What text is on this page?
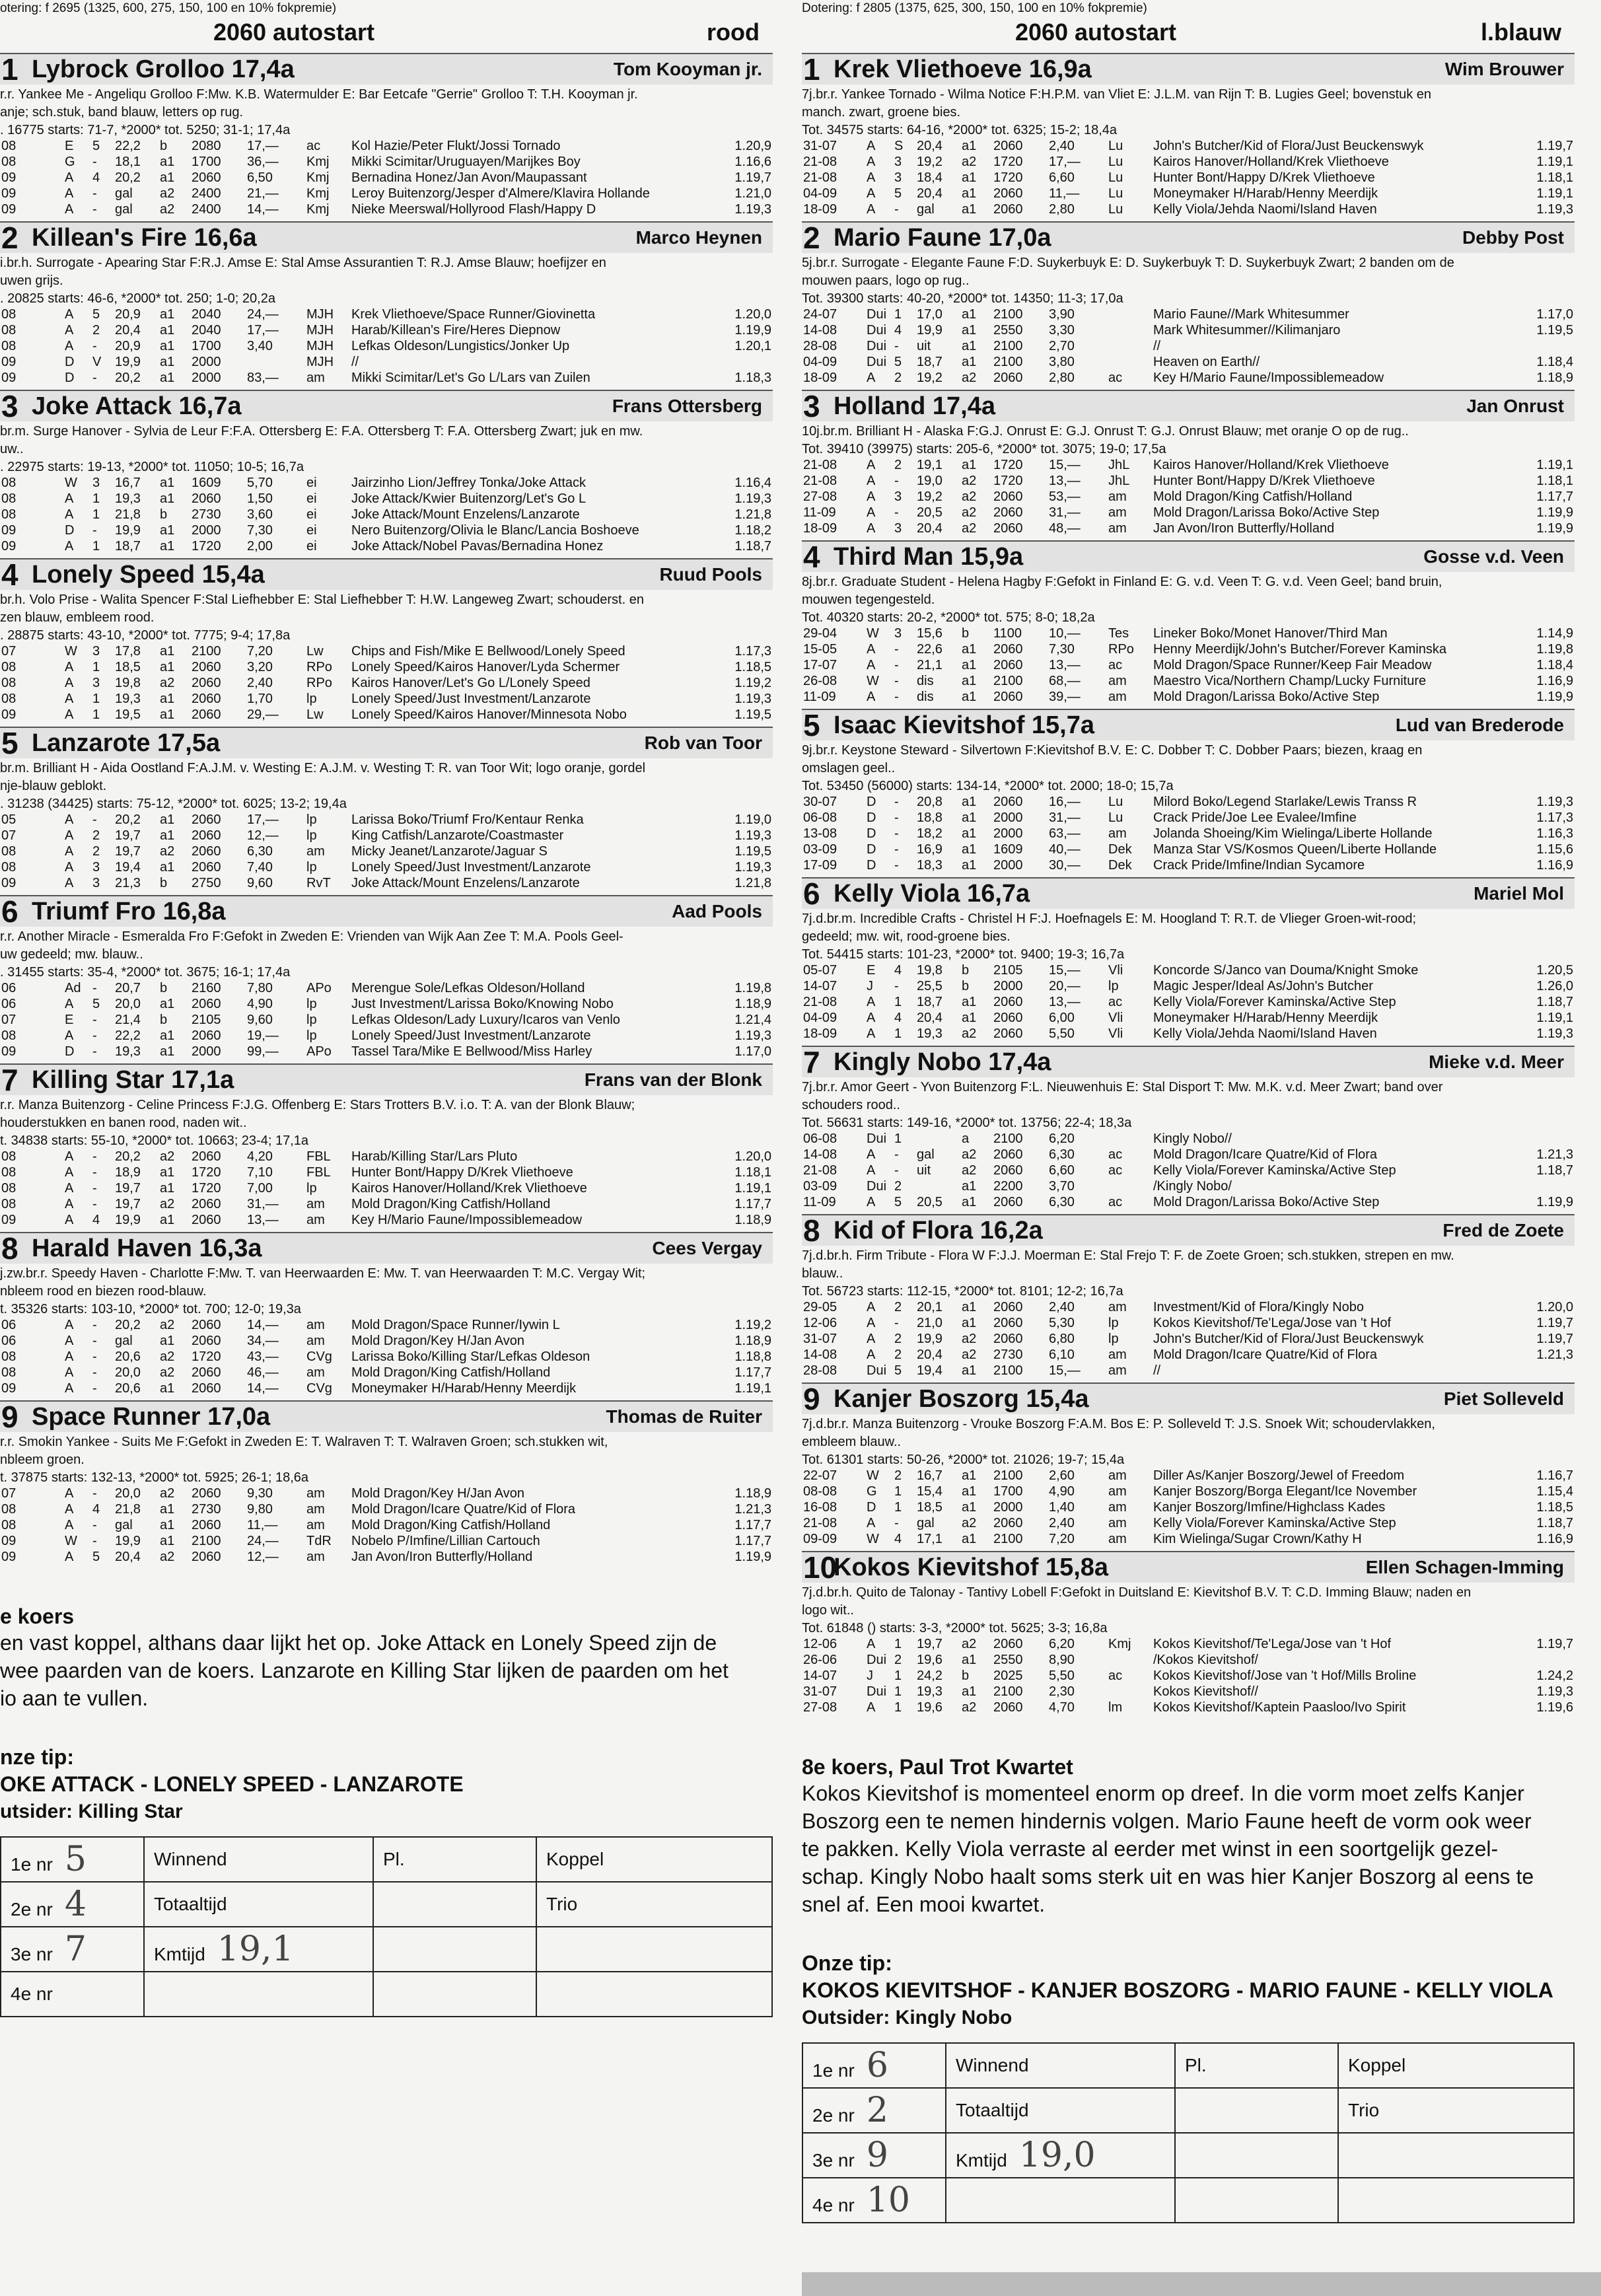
otering: f 2695 (1325, 600, 275, 150, 100 en 10% fokpremie)
2060 autostart	rood
1 Lybrock Grolloo 17,4a	Tom Kooyman jr.
r.r. Yankee Me - Angeliqu Grolloo F:Mw. K.B. Watermulder E: Bar Eetcafe "Gerrie" Grolloo T: T.H. Kooyman jr.
anje; sch.stuk, band blauw, letters op rug.
. 16775 starts: 71-7, *2000* tot. 5250; 31-1; 17,4a
08	E	5	22,2	b	2080	17,—	ac	Kol Hazie/Peter Flukt/Jossi Tornado	1.20,9
08	G	-	18,1	a1	1700	36,—	Kmj	Mikki Scimitar/Uruguayen/Marijkes Boy	1.16,6
09	A	4	20,2	a1	2060	6,50	Kmj	Bernadina Honez/Jan Avon/Maupassant	1.19,7
09	A	-	gal	a2	2400	21,—	Kmj	Leroy Buitenzorg/Jesper d'Almere/Klavira Hollande	1.21,0
09	A	-	gal	a2	2400	14,—	Kmj	Nieke Meerswal/Hollyrood Flash/Happy D	1.19,3
2 Killean's Fire 16,6a	Marco Heynen
i.br.h. Surrogate - Apearing Star F:R.J. Amse E: Stal Amse Assurantien T: R.J. Amse Blauw; hoefijzer en
uwen grijs.
. 20825 starts: 46-6, *2000* tot. 250; 1-0; 20,2a
08	A	5	20,9	a1	2040	24,—	MJH	Krek Vliethoeve/Space Runner/Giovinetta	1.20,0
08	A	2	20,4	a1	2040	17,—	MJH	Harab/Killean's Fire/Heres Diepnow	1.19,9
08	A	-	20,9	a1	1700	3,40	MJH	Lefkas Oldeson/Lungistics/Jonker Up	1.20,1
09	D	V	19,9	a1	2000		MJH	//	
09	D	-	20,2	a1	2000	83,—	am	Mikki Scimitar/Let's Go L/Lars van Zuilen	1.18,3
3 Joke Attack 16,7a	Frans Ottersberg
br.m. Surge Hanover - Sylvia de Leur F:F.A. Ottersberg E: F.A. Ottersberg T: F.A. Ottersberg Zwart; juk en mw.
uw..
. 22975 starts: 19-13, *2000* tot. 11050; 10-5; 16,7a
08	W	3	16,7	a1	1609	5,70	ei	Jairzinho Lion/Jeffrey Tonka/Joke Attack	1.16,4
08	A	1	19,3	a1	2060	1,50	ei	Joke Attack/Kwier Buitenzorg/Let's Go L	1.19,3
08	A	1	21,8	b	2730	3,60	ei	Joke Attack/Mount Enzelens/Lanzarote	1.21,8
09	D	-	19,9	a1	2000	7,30	ei	Nero Buitenzorg/Olivia le Blanc/Lancia Boshoeve	1.18,2
09	A	1	18,7	a1	1720	2,00	ei	Joke Attack/Nobel Pavas/Bernadina Honez	1.18,7
4 Lonely Speed 15,4a	Ruud Pools
br.h. Volo Prise - Walita Spencer F:Stal Liefhebber E: Stal Liefhebber T: H.W. Langeweg Zwart; schouderst. en
zen blauw, embleem rood.
. 28875 starts: 43-10, *2000* tot. 7775; 9-4; 17,8a
07	W	3	17,8	a1	2100	7,20	Lw	Chips and Fish/Mike E Bellwood/Lonely Speed	1.17,3
08	A	1	18,5	a1	2060	3,20	RPo	Lonely Speed/Kairos Hanover/Lyda Schermer	1.18,5
08	A	3	19,8	a2	2060	2,40	RPo	Kairos Hanover/Let's Go L/Lonely Speed	1.19,2
08	A	1	19,3	a1	2060	1,70	lp	Lonely Speed/Just Investment/Lanzarote	1.19,3
09	A	1	19,5	a1	2060	29,—	Lw	Lonely Speed/Kairos Hanover/Minnesota Nobo	1.19,5
5 Lanzarote 17,5a	Rob van Toor
br.m. Brilliant H - Aida Oostland F:A.J.M. v. Westing E: A.J.M. v. Westing T: R. van Toor Wit; logo oranje, gordel
nje-blauw geblokt.
. 31238 (34425) starts: 75-12, *2000* tot. 6025; 13-2; 19,4a
05	A	-	20,2	a1	2060	17,—	lp	Larissa Boko/Triumf Fro/Kentaur Renka	1.19,0
07	A	2	19,7	a1	2060	12,—	lp	King Catfish/Lanzarote/Coastmaster	1.19,3
08	A	2	19,7	a2	2060	6,30	am	Micky Jeanet/Lanzarote/Jaguar S	1.19,5
08	A	3	19,4	a1	2060	7,40	lp	Lonely Speed/Just Investment/Lanzarote	1.19,3
09	A	3	21,3	b	2750	9,60	RvT	Joke Attack/Mount Enzelens/Lanzarote	1.21,8
6 Triumf Fro 16,8a	Aad Pools
r.r. Another Miracle - Esmeralda Fro F:Gefokt in Zweden E: Vrienden van Wijk Aan Zee T: M.A. Pools Geel-
uw gedeeld; mw. blauw..
. 31455 starts: 35-4, *2000* tot. 3675; 16-1; 17,4a
06	Ad	-	20,7	b	2160	7,80	APo	Merengue Sole/Lefkas Oldeson/Holland	1.19,8
06	A	5	20,0	a1	2060	4,90	lp	Just Investment/Larissa Boko/Knowing Nobo	1.18,9
07	E	-	21,4	b	2105	9,60	lp	Lefkas Oldeson/Lady Luxury/Icaros van Venlo	1.21,4
08	A	-	22,2	a1	2060	19,—	lp	Lonely Speed/Just Investment/Lanzarote	1.19,3
09	D	-	19,3	a1	2000	99,—	APo	Tassel Tara/Mike E Bellwood/Miss Harley	1.17,0
7 Killing Star 17,1a	Frans van der Blonk
r.r. Manza Buitenzorg - Celine Princess F:J.G. Offenberg E: Stars Trotters B.V. i.o. T: A. van der Blonk Blauw;
houderstukken en banen rood, naden wit..
t. 34838 starts: 55-10, *2000* tot. 10663; 23-4; 17,1a
08	A	-	20,2	a2	2060	4,20	FBL	Harab/Killing Star/Lars Pluto	1.20,0
08	A	-	18,9	a1	1720	7,10	FBL	Hunter Bont/Happy D/Krek Vliethoeve	1.18,1
08	A	-	19,7	a1	1720	7,00	lp	Kairos Hanover/Holland/Krek Vliethoeve	1.19,1
08	A	-	19,7	a2	2060	31,—	am	Mold Dragon/King Catfish/Holland	1.17,7
09	A	4	19,9	a1	2060	13,—	am	Key H/Mario Faune/Impossiblemeadow	1.18,9
8 Harald Haven 16,3a	Cees Vergay
j.zw.br.r. Speedy Haven - Charlotte F:Mw. T. van Heerwaarden E: Mw. T. van Heerwaarden T: M.C. Vergay Wit;
nbleem rood en biezen rood-blauw.
t. 35326 starts: 103-10, *2000* tot. 700; 12-0; 19,3a
06	A	-	20,2	a2	2060	14,—	am	Mold Dragon/Space Runner/Iywin L	1.19,2
06	A	-	gal	a1	2060	34,—	am	Mold Dragon/Key H/Jan Avon	1.18,9
08	A	-	20,6	a2	1720	43,—	CVg	Larissa Boko/Killing Star/Lefkas Oldeson	1.18,8
08	A	-	20,0	a2	2060	46,—	am	Mold Dragon/King Catfish/Holland	1.17,7
09	A	-	20,6	a1	2060	14,—	CVg	Moneymaker H/Harab/Henny Meerdijk	1.19,1
9 Space Runner 17,0a	Thomas de Ruiter
r.r. Smokin Yankee - Suits Me F:Gefokt in Zweden E: T. Walraven T: T. Walraven Groen; sch.stukken wit,
nbleem groen.
t. 37875 starts: 132-13, *2000* tot. 5925; 26-1; 18,6a
07	A	-	20,0	a2	2060	9,30	am	Mold Dragon/Key H/Jan Avon	1.18,9
08	A	4	21,8	a1	2730	9,80	am	Mold Dragon/Icare Quatre/Kid of Flora	1.21,3
08	A	-	gal	a1	2060	11,—	am	Mold Dragon/King Catfish/Holland	1.17,7
09	W	-	19,9	a1	2100	24,—	TdR	Nobelo P/Imfine/Lillian Cartouch	1.17,7
09	A	5	20,4	a2	2060	12,—	am	Jan Avon/Iron Butterfly/Holland	1.19,9
e koers
en vast koppel, althans daar lijkt het op. Joke Attack en Lonely Speed zijn de
wee paarden van de koers. Lanzarote en Killing Star lijken de paarden om het
io aan te vullen.
nze tip:
OKE ATTACK - LONELY SPEED - LANZAROTE
utsider: Killing Star
1e nr 5	Winnend	Pl.	Koppel
2e nr 4	Totaaltijd		Trio
3e nr 7	Kmtijd 19,1		
4e nr			
Dotering: f 2805 (1375, 625, 300, 150, 100 en 10% fokpremie)
2060 autostart	l.blauw
1 Krek Vliethoeve 16,9a	Wim Brouwer
7j.br.r. Yankee Tornado - Wilma Notice F:H.P.M. van Vliet E: J.L.M. van Rijn T: B. Lugies Geel; bovenstuk en
manch. zwart, groene bies.
Tot. 34575 starts: 64-16, *2000* tot. 6325; 15-2; 18,4a
31-07	A	S	20,4	a1	2060	2,40	Lu	John's Butcher/Kid of Flora/Just Beuckenswyk	1.19,7
21-08	A	3	19,2	a2	1720	17,—	Lu	Kairos Hanover/Holland/Krek Vliethoeve	1.19,1
21-08	A	3	18,4	a1	1720	6,60	Lu	Hunter Bont/Happy D/Krek Vliethoeve	1.18,1
04-09	A	5	20,4	a1	2060	11,—	Lu	Moneymaker H/Harab/Henny Meerdijk	1.19,1
18-09	A	-	gal	a1	2060	2,80	Lu	Kelly Viola/Jehda Naomi/Island Haven	1.19,3
2 Mario Faune 17,0a	Debby Post
5j.br.r. Surrogate - Elegante Faune F:D. Suykerbuyk E: D. Suykerbuyk T: D. Suykerbuyk Zwart; 2 banden om de
mouwen paars, logo op rug..
Tot. 39300 starts: 40-20, *2000* tot. 14350; 11-3; 17,0a
24-07	Dui	1	17,0	a1	2100	3,90		Mario Faune//Mark Whitesummer	1.17,0
14-08	Dui	4	19,9	a1	2550	3,30		Mark Whitesummer//Kilimanjaro	1.19,5
28-08	Dui	-	uit	a1	2100	2,70		//	
04-09	Dui	5	18,7	a1	2100	3,80		Heaven on Earth//	1.18,4
18-09	A	2	19,2	a2	2060	2,80	ac	Key H/Mario Faune/Impossiblemeadow	1.18,9
3 Holland 17,4a	Jan Onrust
10j.br.m. Brilliant H - Alaska F:G.J. Onrust E: G.J. Onrust T: G.J. Onrust Blauw; met oranje O op de rug..
Tot. 39410 (39975) starts: 205-6, *2000* tot. 3075; 19-0; 17,5a
21-08	A	2	19,1	a1	1720	15,—	JhL	Kairos Hanover/Holland/Krek Vliethoeve	1.19,1
21-08	A	-	19,0	a2	1720	13,—	JhL	Hunter Bont/Happy D/Krek Vliethoeve	1.18,1
27-08	A	3	19,2	a2	2060	53,—	am	Mold Dragon/King Catfish/Holland	1.17,7
11-09	A	-	20,5	a2	2060	31,—	am	Mold Dragon/Larissa Boko/Active Step	1.19,9
18-09	A	3	20,4	a2	2060	48,—	am	Jan Avon/Iron Butterfly/Holland	1.19,9
4 Third Man 15,9a	Gosse v.d. Veen
8j.br.r. Graduate Student - Helena Hagby F:Gefokt in Finland E: G. v.d. Veen T: G. v.d. Veen Geel; band bruin,
mouwen tegengesteld.
Tot. 40320 starts: 20-2, *2000* tot. 575; 8-0; 18,2a
29-04	W	3	15,6	b	1100	10,—	Tes	Lineker Boko/Monet Hanover/Third Man	1.14,9
15-05	A	-	22,6	a1	2060	7,30	RPo	Henny Meerdijk/John's Butcher/Forever Kaminska	1.19,8
17-07	A	-	21,1	a1	2060	13,—	ac	Mold Dragon/Space Runner/Keep Fair Meadow	1.18,4
26-08	W	-	dis	a1	2100	68,—	am	Maestro Vica/Northern Champ/Lucky Furniture	1.16,9
11-09	A	-	dis	a1	2060	39,—	am	Mold Dragon/Larissa Boko/Active Step	1.19,9
5 Isaac Kievitshof 15,7a	Lud van Brederode
9j.br.r. Keystone Steward - Silvertown F:Kievitshof B.V. E: C. Dobber T: C. Dobber Paars; biezen, kraag en
omslagen geel..
Tot. 53450 (56000) starts: 134-14, *2000* tot. 2000; 18-0; 15,7a
30-07	D	-	20,8	a1	2060	16,—	Lu	Milord Boko/Legend Starlake/Lewis Transs R	1.19,3
06-08	D	-	18,8	a1	2000	31,—	Lu	Crack Pride/Joe Lee Evalee/Imfine	1.17,3
13-08	D	-	18,2	a1	2000	63,—	am	Jolanda Shoeing/Kim Wielinga/Liberte Hollande	1.16,3
03-09	D	-	16,9	a1	1609	40,—	Dek	Manza Star VS/Kosmos Queen/Liberte Hollande	1.15,6
17-09	D	-	18,3	a1	2000	30,—	Dek	Crack Pride/Imfine/Indian Sycamore	1.16,9
6 Kelly Viola 16,7a	Mariel Mol
7j.d.br.m. Incredible Crafts - Christel H F:J. Hoefnagels E: M. Hoogland T: R.T. de Vlieger Groen-wit-rood;
gedeeld; mw. wit, rood-groene bies.
Tot. 54415 starts: 101-23, *2000* tot. 9400; 19-3; 16,7a
05-07	E	4	19,8	b	2105	15,—	Vli	Koncorde S/Janco van Douma/Knight Smoke	1.20,5
14-07	J	-	25,5	b	2000	20,—	lp	Magic Jesper/Ideal As/John's Butcher	1.26,0
21-08	A	1	18,7	a1	2060	13,—	ac	Kelly Viola/Forever Kaminska/Active Step	1.18,7
04-09	A	4	20,4	a1	2060	6,00	Vli	Moneymaker H/Harab/Henny Meerdijk	1.19,1
18-09	A	1	19,3	a2	2060	5,50	Vli	Kelly Viola/Jehda Naomi/Island Haven	1.19,3
7 Kingly Nobo 17,4a	Mieke v.d. Meer
7j.br.r. Amor Geert - Yvon Buitenzorg F:L. Nieuwenhuis E: Stal Disport T: Mw. M.K. v.d. Meer Zwart; band over
schouders rood..
Tot. 56631 starts: 149-16, *2000* tot. 13756; 22-4; 18,3a
06-08	Dui	1		a	2100	6,20		Kingly Nobo//	
14-08	A	-	gal	a2	2060	6,30	ac	Mold Dragon/Icare Quatre/Kid of Flora	1.21,3
21-08	A	-	uit	a2	2060	6,60	ac	Kelly Viola/Forever Kaminska/Active Step	1.18,7
03-09	Dui	2		a1	2200	3,70		/Kingly Nobo/	
11-09	A	5	20,5	a1	2060	6,30	ac	Mold Dragon/Larissa Boko/Active Step	1.19,9
8 Kid of Flora 16,2a	Fred de Zoete
7j.d.br.h. Firm Tribute - Flora W F:J.J. Moerman E: Stal Frejo T: F. de Zoete Groen; sch.stukken, strepen en mw.
blauw..
Tot. 56723 starts: 112-15, *2000* tot. 8101; 12-2; 16,7a
29-05	A	2	20,1	a1	2060	2,40	am	Investment/Kid of Flora/Kingly Nobo	1.20,0
12-06	A	-	21,0	a1	2060	5,30	lp	Kokos Kievitshof/Te'Lega/Jose van 't Hof	1.19,7
31-07	A	2	19,9	a2	2060	6,80	lp	John's Butcher/Kid of Flora/Just Beuckenswyk	1.19,7
14-08	A	2	20,4	a2	2730	6,10	am	Mold Dragon/Icare Quatre/Kid of Flora	1.21,3
28-08	Dui	5	19,4	a1	2100	15,—	am	//	
9 Kanjer Boszorg 15,4a	Piet Solleveld
7j.d.br.r. Manza Buitenzorg - Vrouke Boszorg F:A.M. Bos E: P. Solleveld T: J.S. Snoek Wit; schoudervlakken,
embleem blauw..
Tot. 61301 starts: 50-26, *2000* tot. 21026; 19-7; 15,4a
22-07	W	2	16,7	a1	2100	2,60	am	Diller As/Kanjer Boszorg/Jewel of Freedom	1.16,7
08-08	G	1	15,4	a1	1700	4,90	am	Kanjer Boszorg/Borga Elegant/Ice November	1.15,4
16-08	D	1	18,5	a1	2000	1,40	am	Kanjer Boszorg/Imfine/Highclass Kades	1.18,5
21-08	A	-	gal	a2	2060	2,40	am	Kelly Viola/Forever Kaminska/Active Step	1.18,7
09-09	W	4	17,1	a1	2100	7,20	am	Kim Wielinga/Sugar Crown/Kathy H	1.16,9
10
Kokos Kievitshof 15,8a	Ellen Schagen-Imming
7j.d.br.h. Quito de Talonay - Tantivy Lobell F:Gefokt in Duitsland E: Kievitshof B.V. T: C.D. Imming Blauw; naden en
logo wit..
Tot. 61848 () starts: 3-3, *2000* tot. 5625; 3-3; 16,8a
12-06	A	1	19,7	a2	2060	6,20	Kmj	Kokos Kievitshof/Te'Lega/Jose van 't Hof	1.19,7
26-06	Dui	2	19,6	a1	2550	8,90		/Kokos Kievitshof/	
14-07	J	1	24,2	b	2025	5,50	ac	Kokos Kievitshof/Jose van 't Hof/Mills Broline	1.24,2
31-07	Dui	1	19,3	a1	2100	2,30		Kokos Kievitshof//	1.19,3
27-08	A	1	19,6	a2	2060	4,70	lm	Kokos Kievitshof/Kaptein Paasloo/Ivo Spirit	1.19,6
8e koers, Paul Trot Kwartet
Kokos Kievitshof is momenteel enorm op dreef. In die vorm moet zelfs Kanjer
Boszorg een te nemen hindernis volgen. Mario Faune heeft de vorm ook weer
te pakken. Kelly Viola verraste al eerder met winst in een soortgelijk gezel-
schap. Kingly Nobo haalt soms sterk uit en was hier Kanjer Boszorg al eens te
snel af. Een mooi kwartet.
Onze tip:
KOKOS KIEVITSHOF - KANJER BOSZORG - MARIO FAUNE - KELLY VIOLA
Outsider: Kingly Nobo
1e nr 6	Winnend	Pl.	Koppel
2e nr 2	Totaaltijd		Trio
3e nr 9	Kmtijd 19,0		
4e nr 10			
